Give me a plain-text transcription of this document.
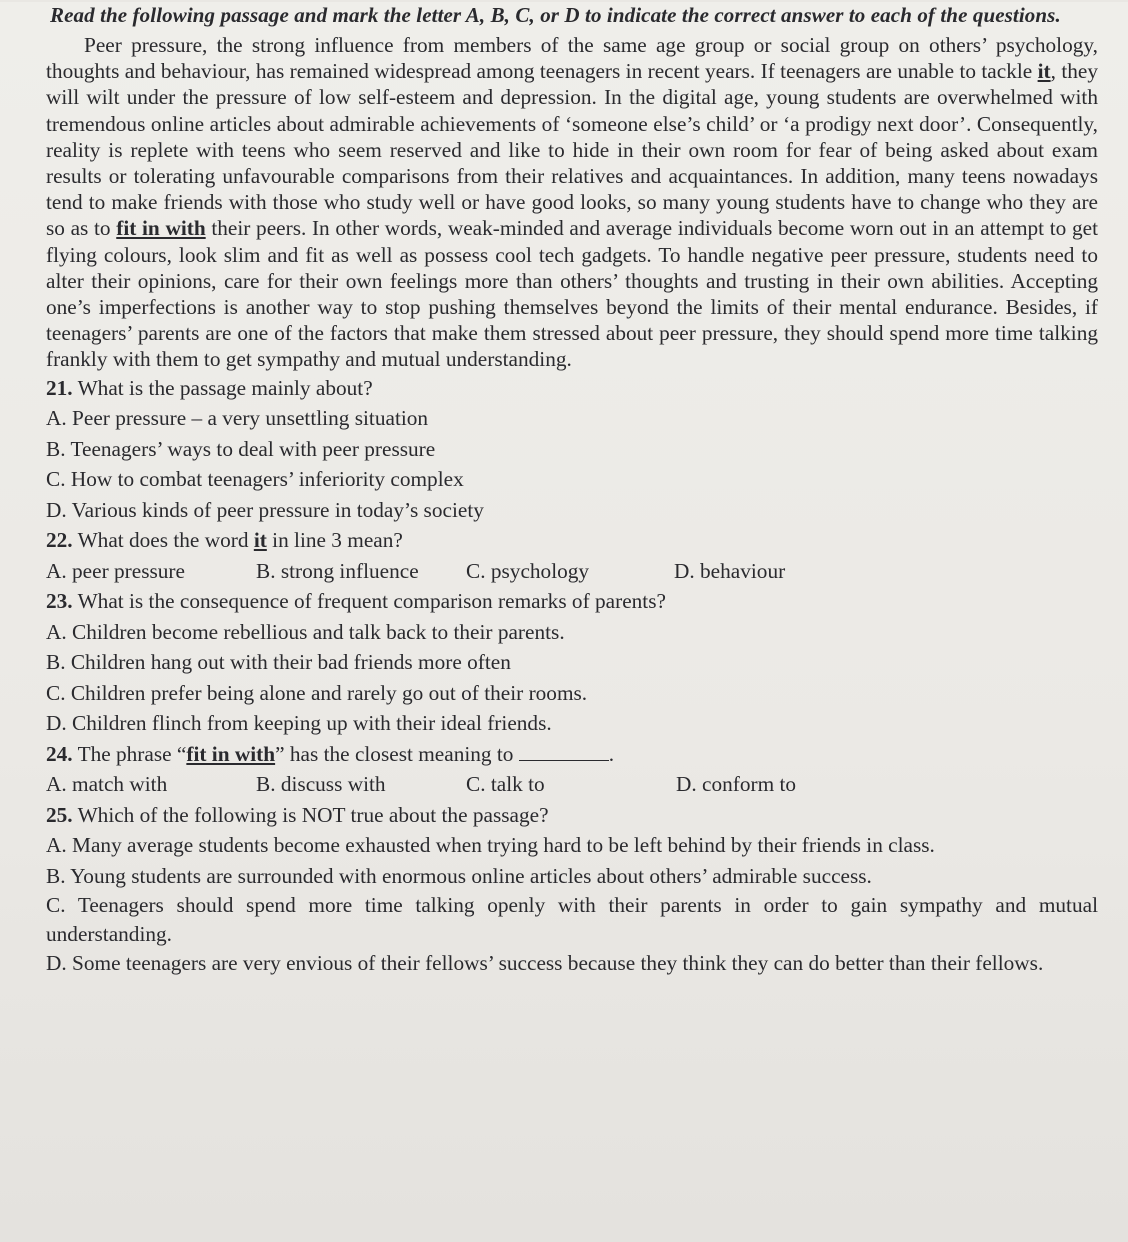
Read the following passage and mark the letter A, B, C, or D to indicate the correct answer to each of the questions.

Peer pressure, the strong influence from members of the same age group or social group on others’ psychology, thoughts and behaviour, has remained widespread among teenagers in recent years. If teenagers are unable to tackle it, they will wilt under the pressure of low self-esteem and depression. In the digital age, young students are overwhelmed with tremendous online articles about admirable achievements of ‘someone else’s child’ or ‘a prodigy next door’. Consequently, reality is replete with teens who seem reserved and like to hide in their own room for fear of being asked about exam results or tolerating unfavourable comparisons from their relatives and acquaintances. In addition, many teens nowadays tend to make friends with those who study well or have good looks, so many young students have to change who they are so as to fit in with their peers. In other words, weak-minded and average individuals become worn out in an attempt to get flying colours, look slim and fit as well as possess cool tech gadgets. To handle negative peer pressure, students need to alter their opinions, care for their own feelings more than others’ thoughts and trusting in their own abilities. Accepting one’s imperfections is another way to stop pushing themselves beyond the limits of their mental endurance. Besides, if teenagers’ parents are one of the factors that make them stressed about peer pressure, they should spend more time talking frankly with them to get sympathy and mutual understanding.

21. What is the passage mainly about?
A. Peer pressure – a very unsettling situation
B. Teenagers’ ways to deal with peer pressure
C. How to combat teenagers’ inferiority complex
D. Various kinds of peer pressure in today’s society
22. What does the word it in line 3 mean?
A. peer pressure	B. strong influence	C. psychology	D. behaviour
23. What is the consequence of frequent comparison remarks of parents?
A. Children become rebellious and talk back to their parents.
B. Children hang out with their bad friends more often
C. Children prefer being alone and rarely go out of their rooms.
D. Children flinch from keeping up with their ideal friends.
24. The phrase “fit in with” has the closest meaning to	.
A. match with	B. discuss with	C. talk to	D. conform to
25. Which of the following is NOT true about the passage?
A. Many average students become exhausted when trying hard to be left behind by their friends in class.
B. Young students are surrounded with enormous online articles about others’ admirable success.
C. Teenagers should spend more time talking openly with their parents in order to gain sympathy and mutual understanding.
D. Some teenagers are very envious of their fellows’ success because they think they can do better than their fellows.
